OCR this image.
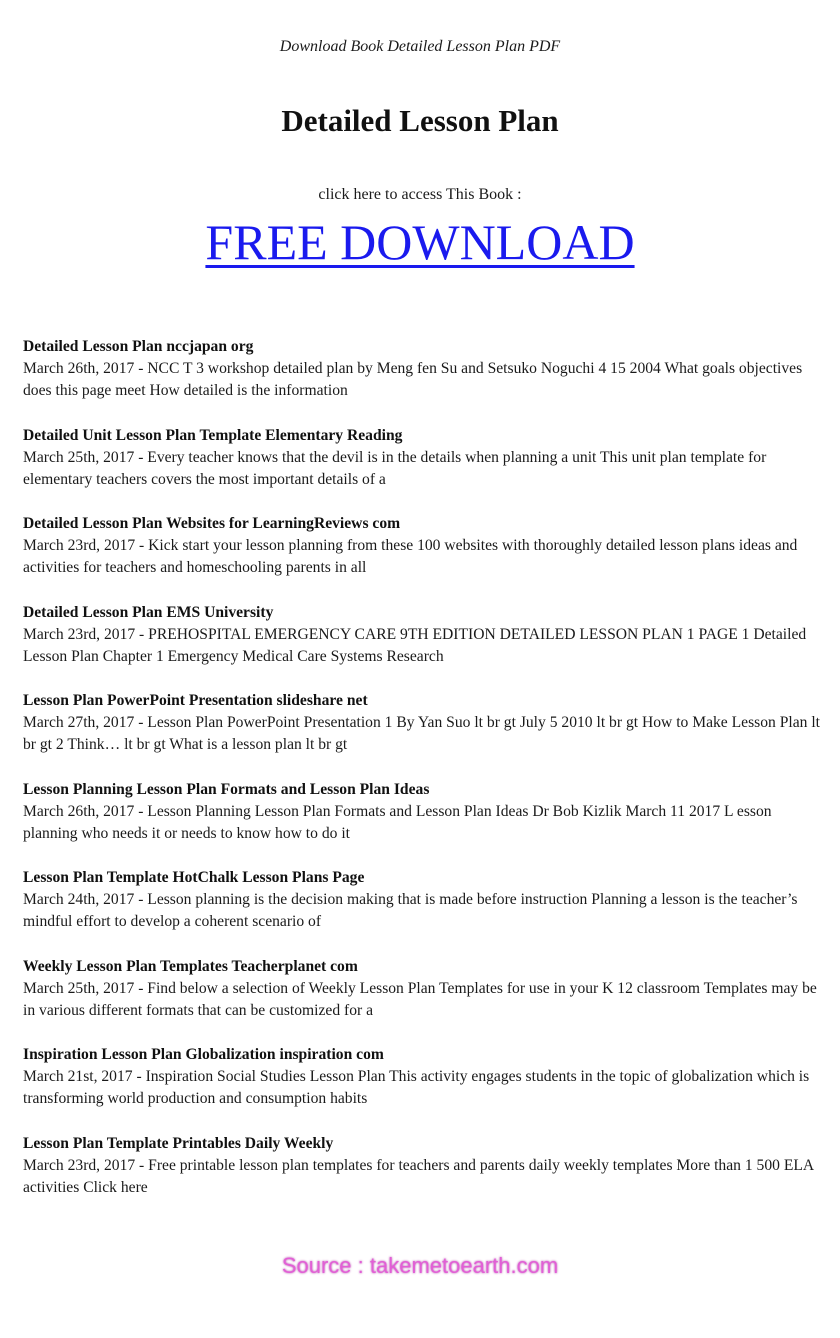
Download Book Detailed Lesson Plan PDF
Detailed Lesson Plan
click here to access This Book :
FREE DOWNLOAD
Detailed Lesson Plan nccjapan org
March 26th, 2017 - NCC T 3 workshop detailed plan by Meng fen Su and Setsuko Noguchi 4 15 2004 What goals objectives does this page meet How detailed is the information
Detailed Unit Lesson Plan Template Elementary Reading
March 25th, 2017 - Every teacher knows that the devil is in the details when planning a unit This unit plan template for elementary teachers covers the most important details of a
Detailed Lesson Plan Websites for LearningReviews com
March 23rd, 2017 - Kick start your lesson planning from these 100 websites with thoroughly detailed lesson plans ideas and activities for teachers and homeschooling parents in all
Detailed Lesson Plan EMS University
March 23rd, 2017 - PREHOSPITAL EMERGENCY CARE 9TH EDITION DETAILED LESSON PLAN 1 PAGE 1 Detailed Lesson Plan Chapter 1 Emergency Medical Care Systems Research
Lesson Plan PowerPoint Presentation slideshare net
March 27th, 2017 - Lesson Plan PowerPoint Presentation 1 By Yan Suo lt br gt July 5 2010 lt br gt How to Make Lesson Plan lt br gt 2 Think… lt br gt What is a lesson plan lt br gt
Lesson Planning Lesson Plan Formats and Lesson Plan Ideas
March 26th, 2017 - Lesson Planning Lesson Plan Formats and Lesson Plan Ideas Dr Bob Kizlik March 11 2017 L esson planning who needs it or needs to know how to do it
Lesson Plan Template HotChalk Lesson Plans Page
March 24th, 2017 - Lesson planning is the decision making that is made before instruction Planning a lesson is the teacher’s mindful effort to develop a coherent scenario of
Weekly Lesson Plan Templates Teacherplanet com
March 25th, 2017 - Find below a selection of Weekly Lesson Plan Templates for use in your K 12 classroom Templates may be in various different formats that can be customized for a
Inspiration Lesson Plan Globalization inspiration com
March 21st, 2017 - Inspiration Social Studies Lesson Plan This activity engages students in the topic of globalization which is transforming world production and consumption habits
Lesson Plan Template Printables Daily Weekly
March 23rd, 2017 - Free printable lesson plan templates for teachers and parents daily weekly templates More than 1 500 ELA activities Click here
Source : takemetoearth.com
